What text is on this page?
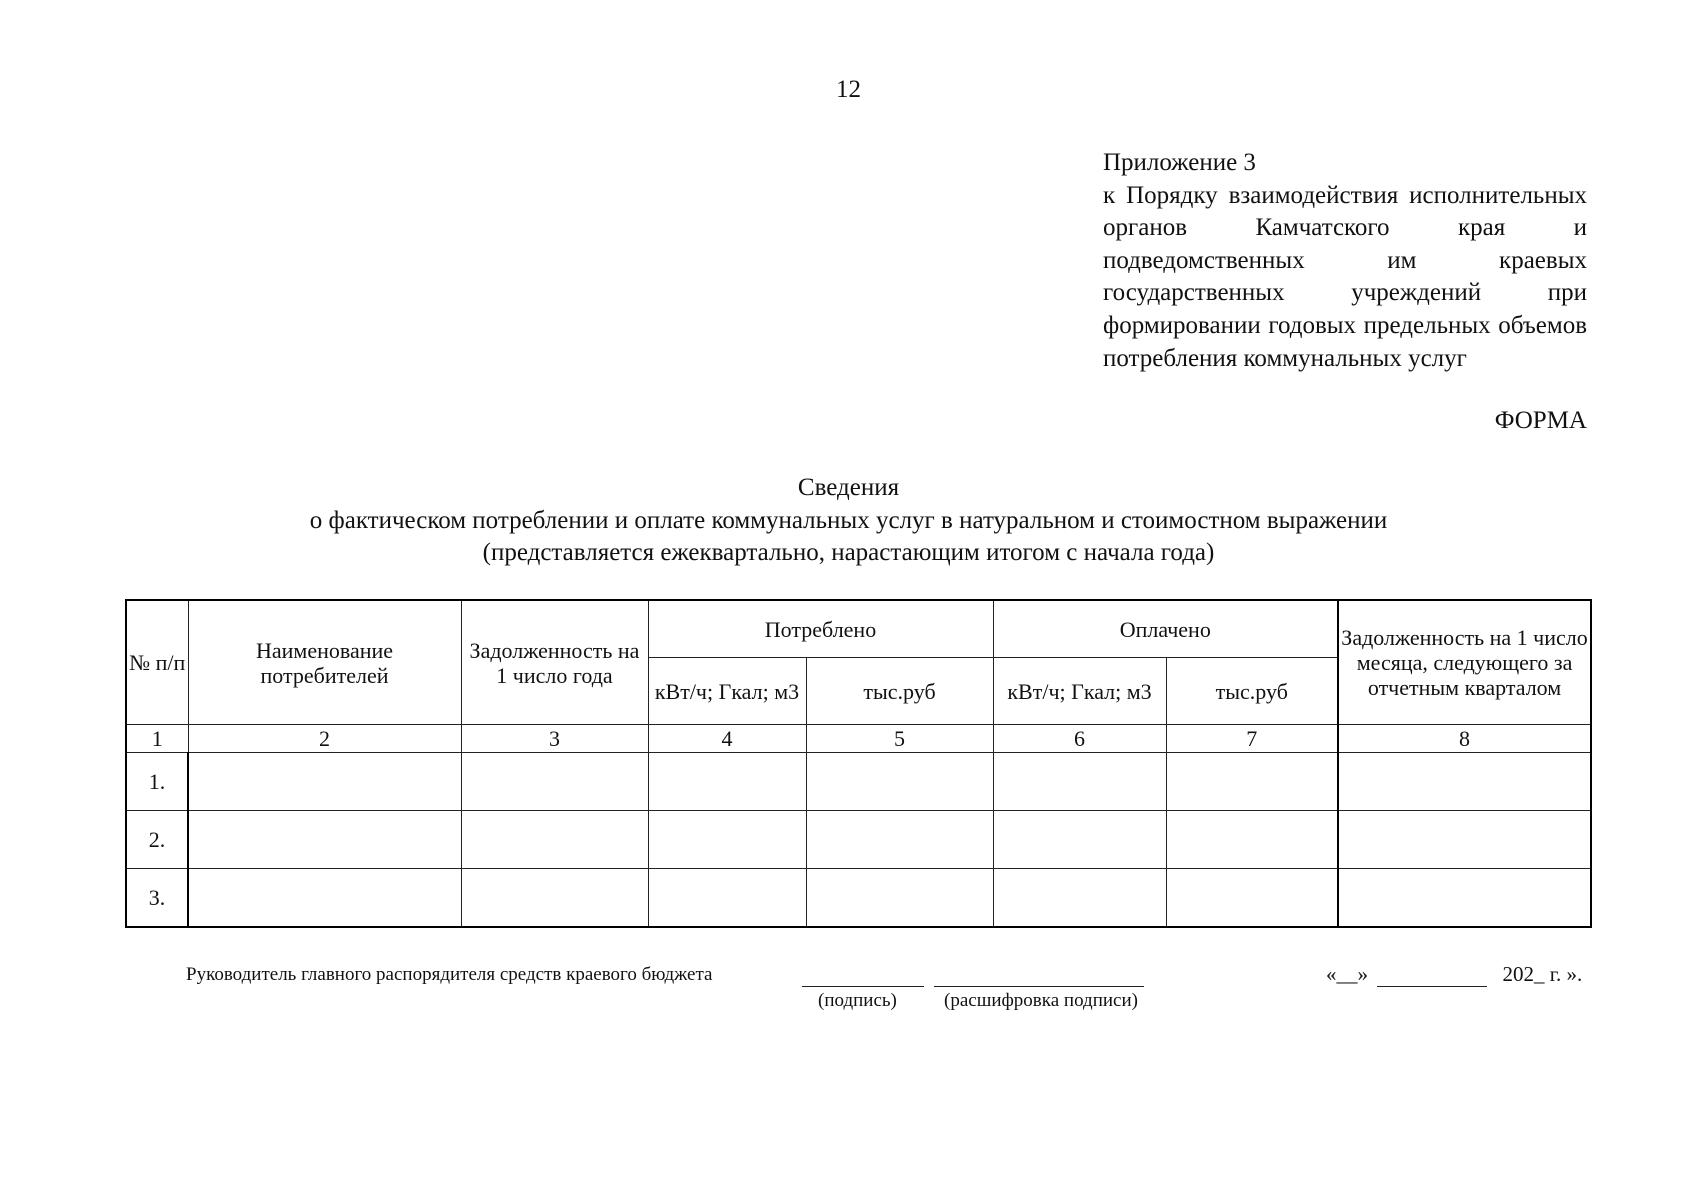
12
Приложение 3
к Порядку взаимодействия исполнительных органов Камчатского края и подведомственных им краевых государственных учреждений при формировании годовых предельных объемов потребления коммунальных услуг
ФОРМА
Сведения
о фактическом потреблении и оплате коммунальных услуг в натуральном и стоимостном выражении
(представляется ежеквартально, нарастающим итогом с начала года)
№ п/п	Наименование потребителей	Задолженность на 1 число года	Потреблено		Оплачено		Задолженность на 1 число месяца, следующего за отчетным кварталом
			кВт/ч; Гкал; м3	тыс.руб	кВт/ч; Гкал; м3	тыс.руб	
1	2	3	4	5	6	7	8
1.							
2.							
3.							
Руководитель главного распорядителя средств краевого бюджета
(подпись) (расшифровка подписи)
«__»	202_ г. ».
